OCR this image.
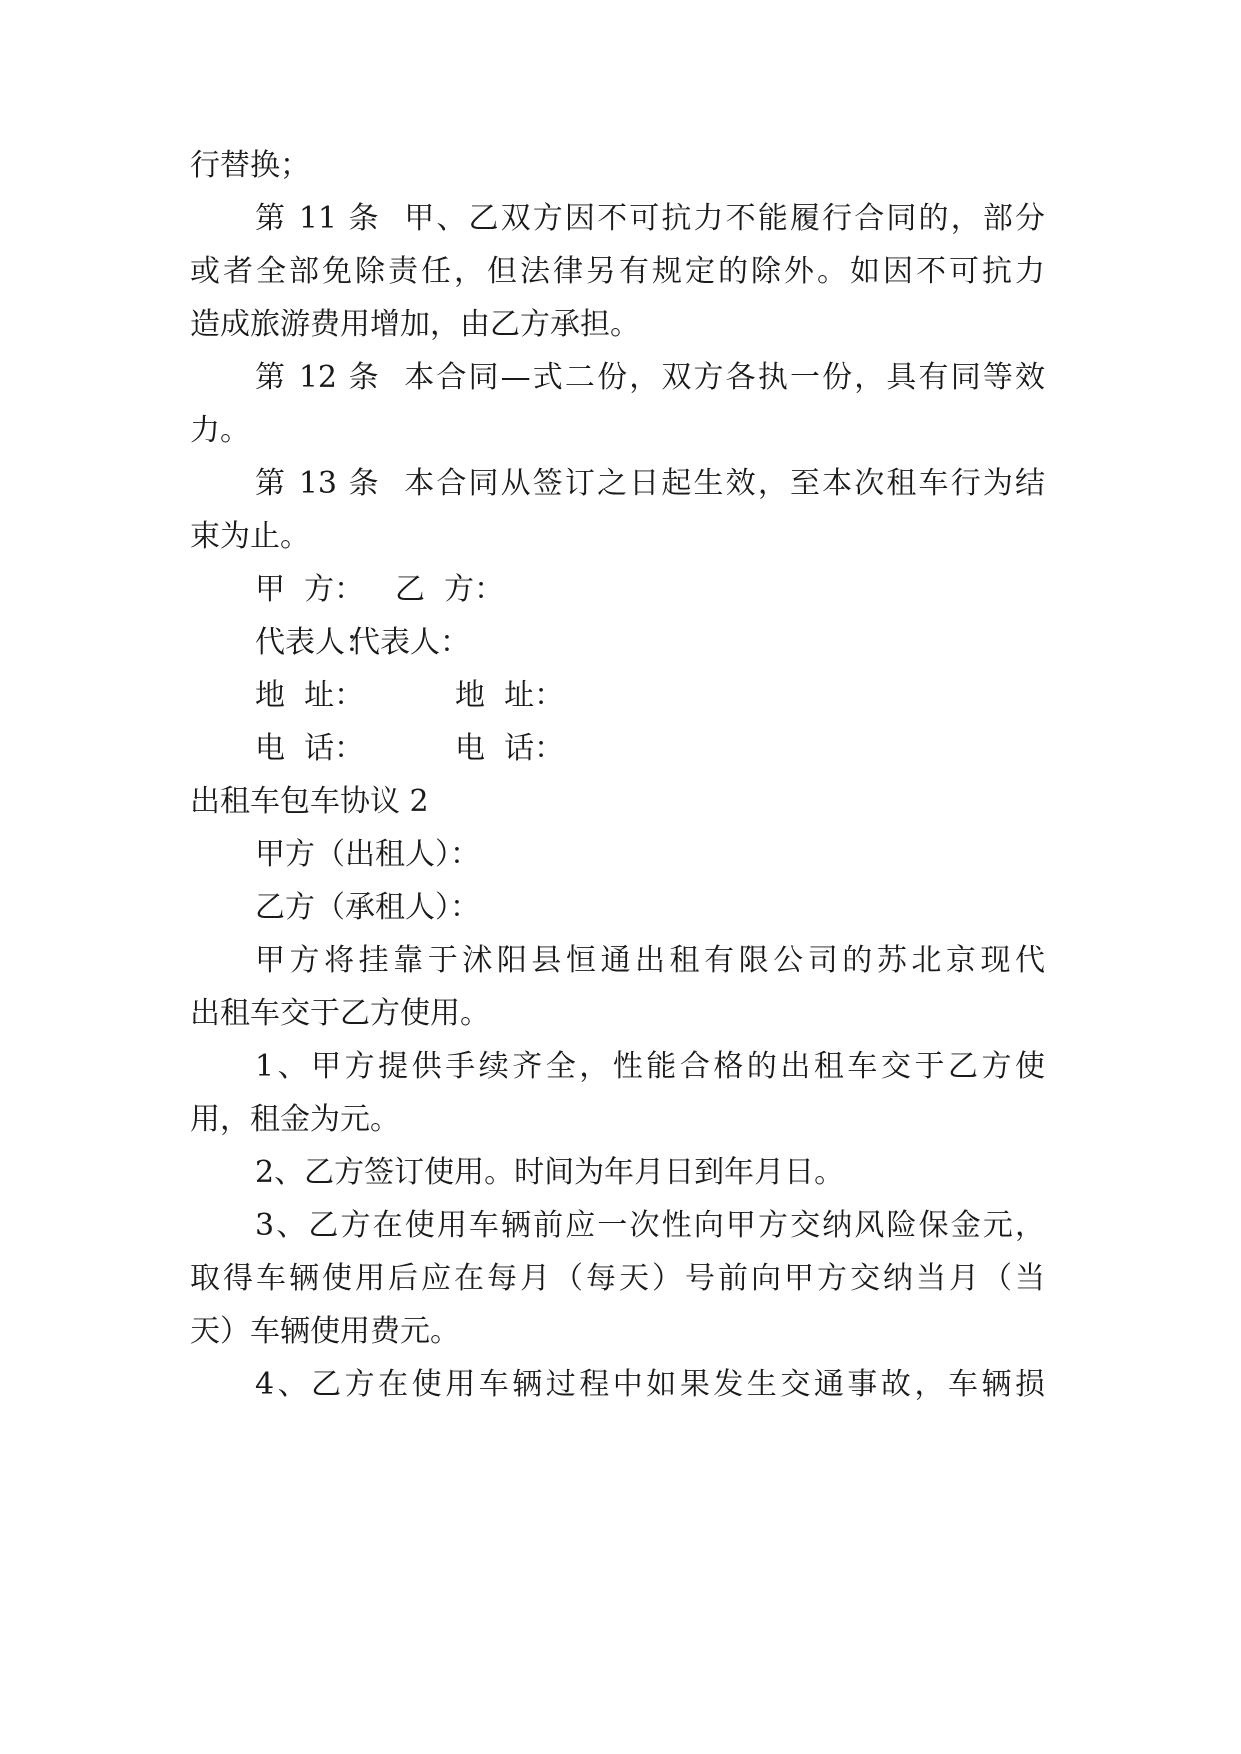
行替换；
第 11 条  甲、乙双方因不可抗力不能履行合同的，部分
或者全部免除责任，但法律另有规定的除外。如因不可抗力
造成旅游费用增加，由乙方承担。
第 12 条  本合同—式二份，双方各执一份，具有同等效
力。
第 13 条  本合同从签订之日起生效，至本次租车行为结
束为止。
甲  方： 乙  方：
代表人：
代表人：
地  址：	地  址：
电  话：	电  话：
出租车包车协议 2
甲方（出租人）：
乙方（承租人）：
甲方将挂靠于沭阳县恒通出租有限公司的苏北京现代
出租车交于乙方使用。
1、甲方提供手续齐全，性能合格的出租车交于乙方使
用，租金为元。
2、乙方签订使用。时间为年月日到年月日。
3、乙方在使用车辆前应一次性向甲方交纳风险保金元，
取得车辆使用后应在每月（每天）号前向甲方交纳当月（当
天）车辆使用费元。
4、乙方在使用车辆过程中如果发生交通事故，车辆损
